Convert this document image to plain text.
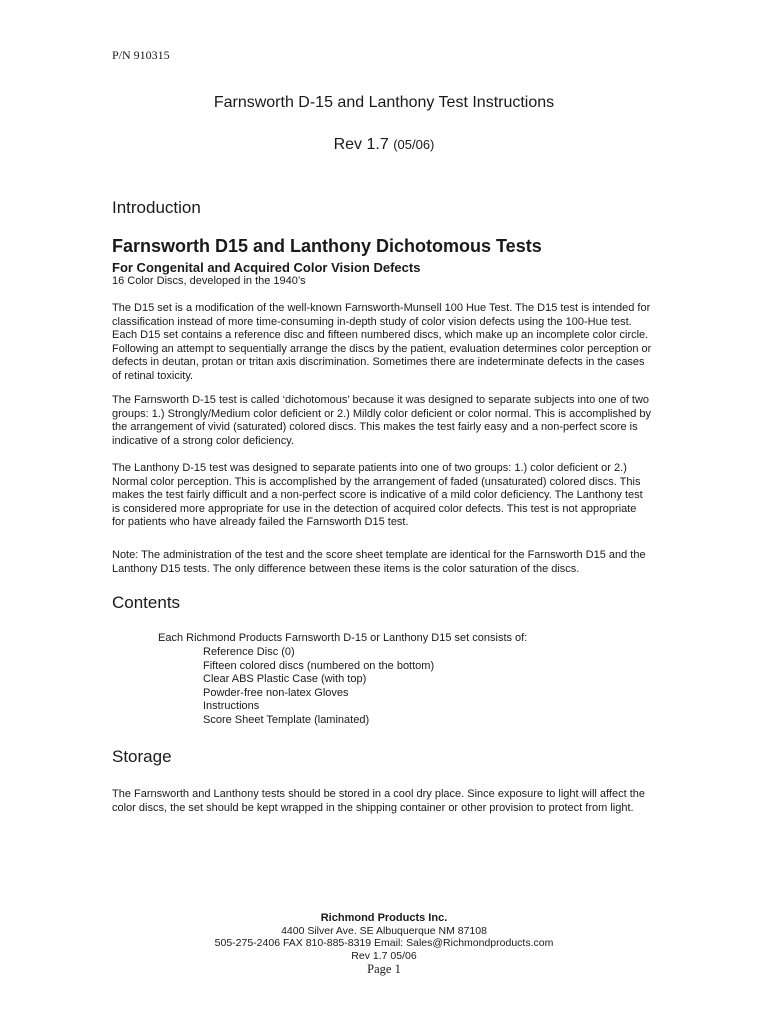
P/N 910315
Farnsworth D-15 and Lanthony Test Instructions
Rev 1.7 (05/06)
Introduction
Farnsworth D15 and Lanthony Dichotomous Tests
For Congenital and Acquired Color Vision Defects
16 Color Discs, developed in the 1940’s

The D15 set is a modification of the well-known Farnsworth-Munsell 100 Hue Test. The D15 test is intended for classification instead of more time-consuming in-depth study of color vision defects using the 100-Hue test. Each D15 set contains a reference disc and fifteen numbered discs, which make up an incomplete color circle. Following an attempt to sequentially arrange the discs by the patient, evaluation determines color perception or defects in deutan, protan or tritan axis discrimination. Sometimes there are indeterminate defects in the cases of retinal toxicity.

The Farnsworth D-15 test is called ‘dichotomous’ because it was designed to separate subjects into one of two groups: 1.) Strongly/Medium color deficient or 2.) Mildly color deficient or color normal. This is accomplished by the arrangement of vivid (saturated) colored discs. This makes the test fairly easy and a non-perfect score is indicative of a strong color deficiency.

The Lanthony D-15 test was designed to separate patients into one of two groups: 1.) color deficient or 2.) Normal color perception. This is accomplished by the arrangement of faded (unsaturated) colored discs. This makes the test fairly difficult and a non-perfect score is indicative of a mild color deficiency. The Lanthony test is considered more appropriate for use in the detection of acquired color defects. This test is not appropriate for patients who have already failed the Farnsworth D15 test.

Note: The administration of the test and the score sheet template are identical for the Farnsworth D15 and the Lanthony D15 tests. The only difference between these items is the color saturation of the discs.

Contents
Each Richmond Products Farnsworth D-15 or Lanthony D15 set consists of:
Reference Disc (0)
Fifteen colored discs (numbered on the bottom)
Clear ABS Plastic Case (with top)
Powder-free non-latex Gloves
Instructions
Score Sheet Template (laminated)
Storage

The Farnsworth and Lanthony tests should be stored in a cool dry place. Since exposure to light will affect the color discs, the set should be kept wrapped in the shipping container or other provision to protect from light.

Richmond Products Inc.
4400 Silver Ave. SE Albuquerque NM 87108
505-275-2406 FAX 810-885-8319 Email: Sales@Richmondproducts.com
Rev 1.7 05/06
Page 1
